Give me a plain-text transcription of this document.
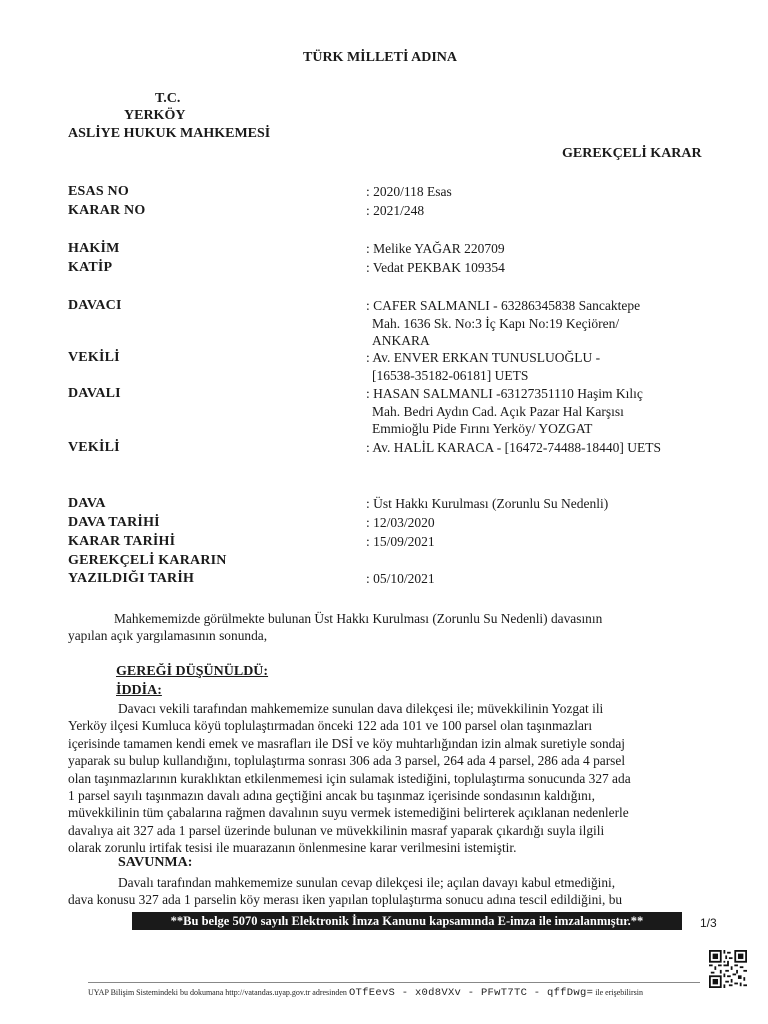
TÜRK MİLLETİ ADINA
T.C.
YERKÖY
ASLİYE HUKUK MAHKEMESİ
GEREKÇELİ KARAR
ESAS NO	: 2020/118 Esas
KARAR NO	: 2021/248
HAKİM	: Melike YAĞAR 220709
KATİP	: Vedat PEKBAK 109354
DAVACI	: CAFER SALMANLI - 63286345838 Sancaktepe
Mah. 1636 Sk. No:3 İç Kapı No:19 Keçiören/
ANKARA
VEKİLİ	: Av. ENVER ERKAN TUNUSLUOĞLU -
[16538-35182-06181] UETS
DAVALI	: HASAN SALMANLI -63127351110 Haşim Kılıç
Mah. Bedri Aydın Cad. Açık Pazar Hal Karşısı
Emmioğlu Pide Fırını Yerköy/ YOZGAT
VEKİLİ	: Av. HALİL KARACA - [16472-74488-18440] UETS
DAVA	: Üst Hakkı Kurulması (Zorunlu Su Nedenli)
DAVA TARİHİ	: 12/03/2020
KARAR TARİHİ	: 15/09/2021
GEREKÇELİ KARARIN
YAZILDIĞI TARİH	: 05/10/2021
Mahkememizde görülmekte bulunan Üst Hakkı Kurulması (Zorunlu Su Nedenli) davasının
yapılan açık yargılamasının sonunda,
GEREĞİ DÜŞÜNÜLDÜ:
İDDİA:
Davacı vekili tarafından mahkememize sunulan dava dilekçesi ile; müvekkilinin Yozgat ili
Yerköy ilçesi Kumluca köyü toplulaştırmadan önceki 122 ada 101 ve 100 parsel olan taşınmazları
içerisinde tamamen kendi emek ve masrafları ile DSİ ve köy muhtarlığından izin almak suretiyle sondaj
yaparak su bulup kullandığını, toplulaştırma sonrası 306 ada 3 parsel, 264 ada 4 parsel, 286 ada 4 parsel
olan taşınmazlarının kuraklıktan etkilenmemesi için sulamak istediğini, toplulaştırma sonucunda 327 ada
1 parsel sayılı taşınmazın davalı adına geçtiğini ancak bu taşınmaz içerisinde sondasının kaldığını,
müvekkilinin tüm çabalarına rağmen davalının suyu vermek istemediğini belirterek açıklanan nedenlerle
davalıya ait 327 ada 1 parsel üzerinde bulunan ve müvekkilinin masraf yaparak çıkardığı suyla ilgili
olarak zorunlu irtifak tesisi ile muarazanın önlenmesine karar verilmesini istemiştir.
SAVUNMA:
Davalı tarafından mahkememize sunulan cevap dilekçesi ile; açılan davayı kabul etmediğini,
dava konusu 327 ada 1 parselin köy merası iken yapılan toplulaştırma sonucu adına tescil edildiğini, bu
**Bu belge 5070 sayılı Elektronik İmza Kanunu kapsamında E-imza ile imzalanmıştır.**	1/3
UYAP Bilişim Sistemindeki bu dokumana http://vatandas.uyap.gov.tr adresinden OTfEevS - x0d8VXv - PFwT7TC - qffDwg= ile erişebilirsin
